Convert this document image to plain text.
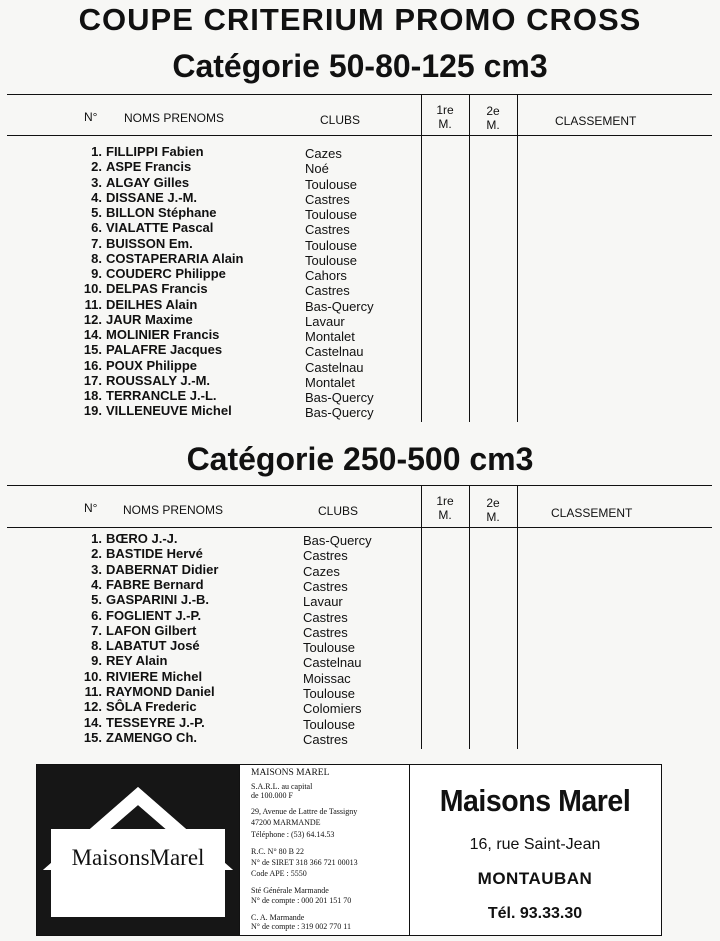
COUPE CRITERIUM PROMO CROSS
Catégorie 50-80-125 cm3
N° NOMS PRENOMS	CLUBS
1re
M.
2e
M.	CLASSEMENT
1. FILLIPPI Fabien	Cazes
2. ASPE Francis	Noé
3. ALGAY Gilles	Toulouse
4. DISSANE J.-M.	Castres
5. BILLON Stéphane	Toulouse
6. VIALATTE Pascal	Castres
7. BUISSON Em.	Toulouse
8. COSTAPERARIA Alain	Toulouse
9. COUDERC Philippe	Cahors
10. DELPAS Francis	Castres
11. DEILHES Alain	Bas-Quercy
12. JAUR Maxime	Lavaur
14. MOLINIER Francis	Montalet
15. PALAFRE Jacques	Castelnau
16. POUX Philippe	Castelnau
17. ROUSSALY J.-M.	Montalet
18. TERRANCLE J.-L.	Bas-Quercy
19. VILLENEUVE Michel	Bas-Quercy
Catégorie 250-500 cm3
N° NOMS PRENOMS	CLUBS
1re
M.
2e
M.	CLASSEMENT
1. BŒRO J.-J.	Bas-Quercy
2. BASTIDE Hervé	Castres
3. DABERNAT Didier	Cazes
4. FABRE Bernard	Castres
5. GASPARINI J.-B.	Lavaur
6. FOGLIENT J.-P.	Castres
7. LAFON Gilbert	Castres
8. LABATUT José	Toulouse
9. REY Alain	Castelnau
10. RIVIERE Michel	Moissac
11. RAYMOND Daniel	Toulouse
12. SÔLA Frederic	Colomiers
14. TESSEYRE J.-P.	Toulouse
15. ZAMENGO Ch.	Castres
MaisonsMarel
MAISONS MAREL
S.A.R.L. au capital
de 100.000 F
29, Avenue de Lattre de Tassigny
47200 MARMANDE
Téléphone : (53) 64.14.53
R.C. N° 80 B 22
N° de SIRET 318 366 721 00013
Code APE : 5550
Sté Générale Marmande
N° de compte : 000 201 151 70
C. A. Marmande
N° de compte : 319 002 770 11
Maisons Marel
16, rue Saint-Jean
MONTAUBAN
Tél. 93.33.30
